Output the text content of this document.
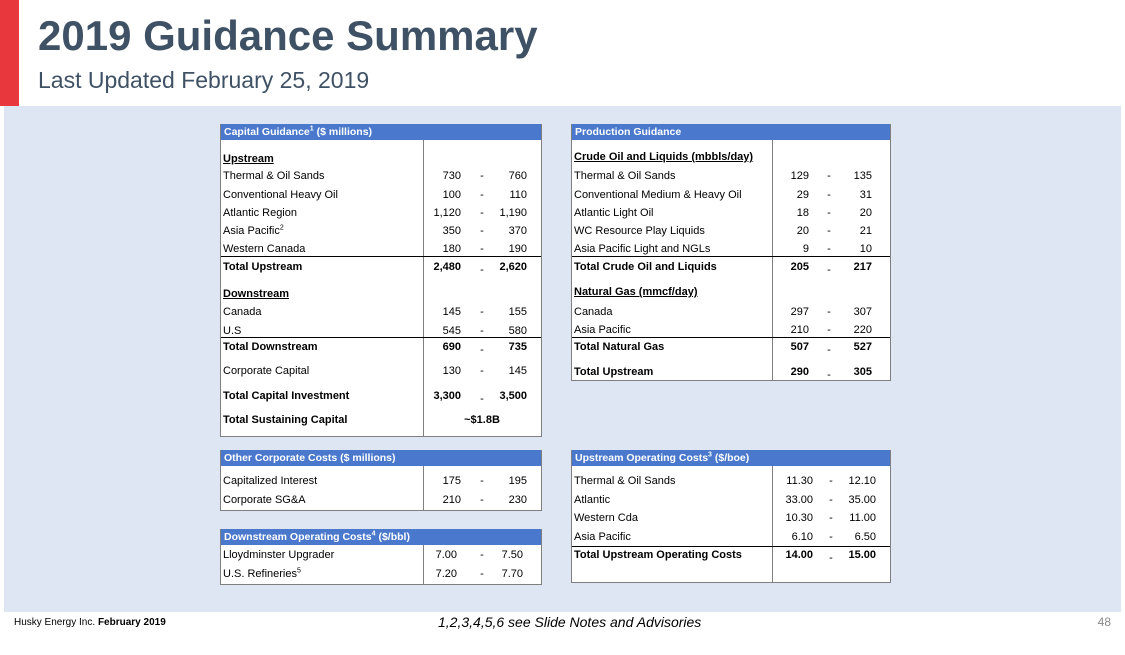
2019 Guidance Summary
Last Updated February 25, 2019
Capital Guidance$^1$ ($ millions)
Upstream
Thermal & Oil Sands	730 -	760
Conventional Heavy Oil	100 -	110
Atlantic Region	1,120 -	1,190
Asia Pacific$^2$	350 -	370
Western Canada	180 -	190
Total Upstream	2,480 -	2,620
Downstream
Canada	145 -	155
U.S	545 -	580
Total Downstream	690 -	735
Corporate Capital	130 -	145
Total Capital Investment	3,300 -	3,500
Total Sustaining Capital	~$1.8B
Production Guidance
Crude Oil and Liquids (mbbls/day)
Natural Gas (mmcf/day)
Thermal & Oil Sands	129 -	135
Conventional Medium & Heavy Oil	29 -	31
Atlantic Light Oil	18 -	20
WC Resource Play Liquids	20 -	21
Asia Pacific Light and NGLs	9 -	10
Total Crude Oil and Liquids	205 -	217
Canada	297 -	307
Asia Pacific	210 -	220
Total Natural Gas	507 -	527
Total Upstream	290 -	305
Other Corporate Costs ($ millions)
Capitalized Interest	175 -	195
Corporate SG&A	210 -	230
Downstream Operating Costs$^4$ ($/bbl)
Lloydminster Upgrader	7.00 -	7.50
U.S. Refineries$^5$	7.20 -	7.70
Upstream Operating Costs$^3$ ($/boe)
Thermal & Oil Sands	11.30 -	12.10
Atlantic	33.00 -	35.00
Western Cda	10.30 -	11.00
Asia Pacific	6.10 -	6.50
Total Upstream Operating Costs	14.00 -	15.00
Husky Energy Inc. February 2019	1,2,3,4,5,6 see Slide Notes and Advisories	48
